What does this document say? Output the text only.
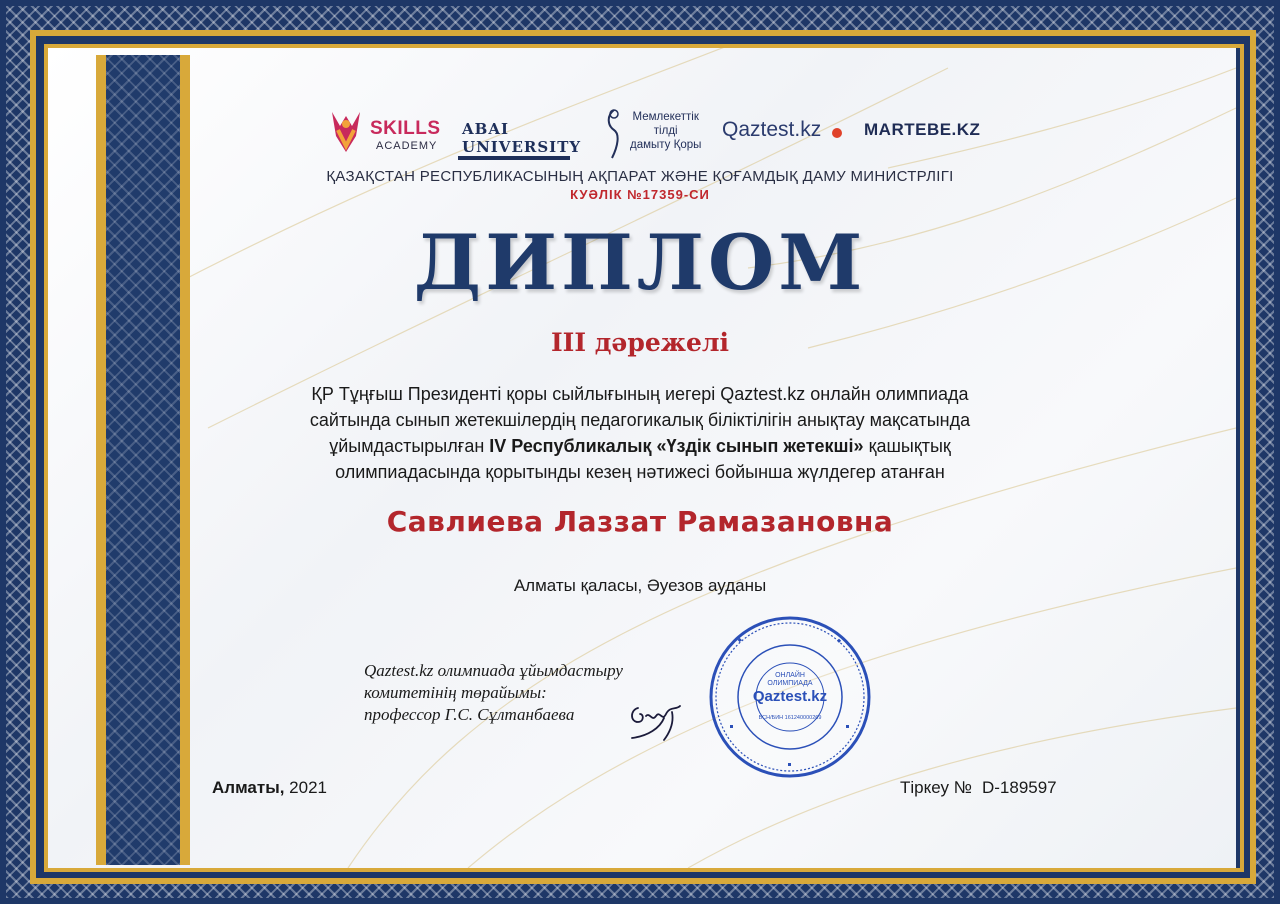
SKILLS
ACADEMY
ABAI UNIVERSITY
Мемлекеттік
тілді
дамыту Қоры
Qaztest.kz	MARTEBE.KZ
ҚАЗАҚСТАН РЕСПУБЛИКАСЫНЫҢ АҚПАРАТ ЖӘНЕ ҚОҒАМДЫҚ ДАМУ МИНИСТРЛІГІ
КУӘЛІК №17359-СИ
ДИПЛОМ
ІІІ дәрежелі
ҚР Тұңғыш Президенті қоры сыйлығының иегері Qaztest.kz онлайн олимпиада
сайтында сынып жетекшілердің педагогикалық біліктілігін анықтау мақсатында
ұйымдастырылған IV Республикалық «Үздік сынып жетекші» қашықтық
олимпиадасында қорытынды кезең нәтижесі бойынша жүлдегер атанған
Савлиева Лаззат Рамазановна
Алматы қаласы, Әуезов ауданы
Qaztest.kz олимпиада ұйымдастыру
комитетінің төрайымы:
профессор Г.С. Сұлтанбаева
ОНЛАЙН
ОЛИМПИАДА
Qaztest.kz
БСН/БИН 161240000269
Алматы, 2021	Тіркеу № D-189597
